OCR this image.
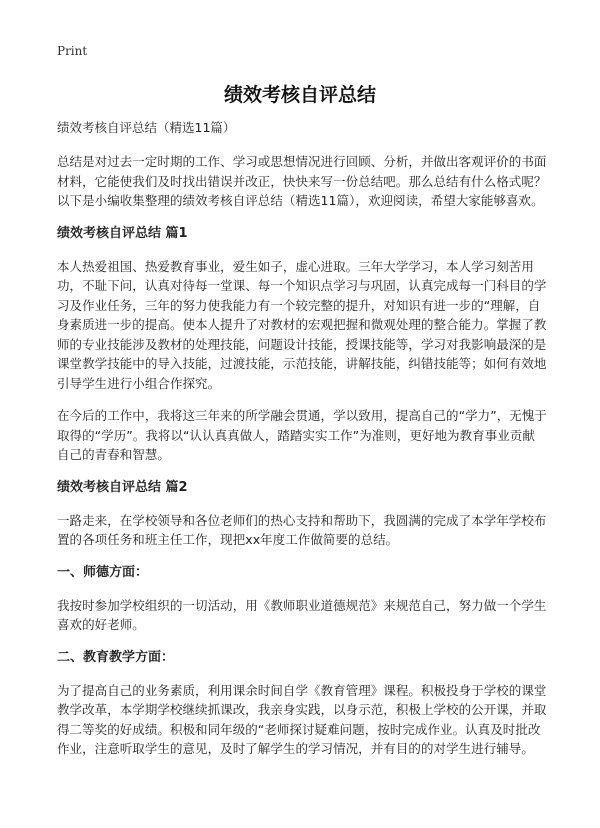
Print
绩效考核自评总结

绩效考核自评总结（精选11篇）

总结是对过去一定时期的工作、学习或思想情况进行回顾、分析，并做出客观评价的书面材料，它能使我们及时找出错误并改正，快快来写一份总结吧。那么总结有什么格式呢？以下是小编收集整理的绩效考核自评总结（精选11篇），欢迎阅读，希望大家能够喜欢。

绩效考核自评总结 篇1

本人热爱祖国、热爱教育事业，爱生如子，虚心进取。三年大学学习，本人学习刻苦用功，不耻下问，认真对待每一堂课、每一个知识点学习与巩固，认真完成每一门科目的学习及作业任务，三年的努力使我能力有一个较完整的提升，对知识有进一步的“理解，自身素质进一步的提高。使本人提升了对教材的宏观把握和微观处理的整合能力。掌握了教师的专业技能涉及教材的处理技能，问题设计技能，授课技能等，学习对我影响最深的是课堂教学技能中的导入技能，过渡技能，示范技能，讲解技能，纠错技能等；如何有效地引导学生进行小组合作探究。

在今后的工作中，我将这三年来的所学融会贯通，学以致用，提高自己的“学力”，无愧于取得的“学历”。我将以“认认真真做人，踏踏实实工作”为准则，更好地为教育事业贡献自己的青春和智慧。

绩效考核自评总结 篇2

一路走来，在学校领导和各位老师们的热心支持和帮助下，我圆满的完成了本学年学校布置的各项任务和班主任工作，现把xx年度工作做简要的总结。

一、师德方面：

我按时参加学校组织的一切活动，用《教师职业道德规范》来规范自己，努力做一个学生喜欢的好老师。

二、教育教学方面：

为了提高自己的业务素质，利用课余时间自学《教育管理》课程。积极投身于学校的课堂教学改革，本学期学校继续抓课改，我亲身实践，以身示范，积极上学校的公开课，并取得二等奖的好成绩。积极和同年级的“老师探讨疑难问题，按时完成作业。认真及时批改作业，注意听取学生的意见，及时了解学生的学习情况，并有目的的对学生进行辅导。
